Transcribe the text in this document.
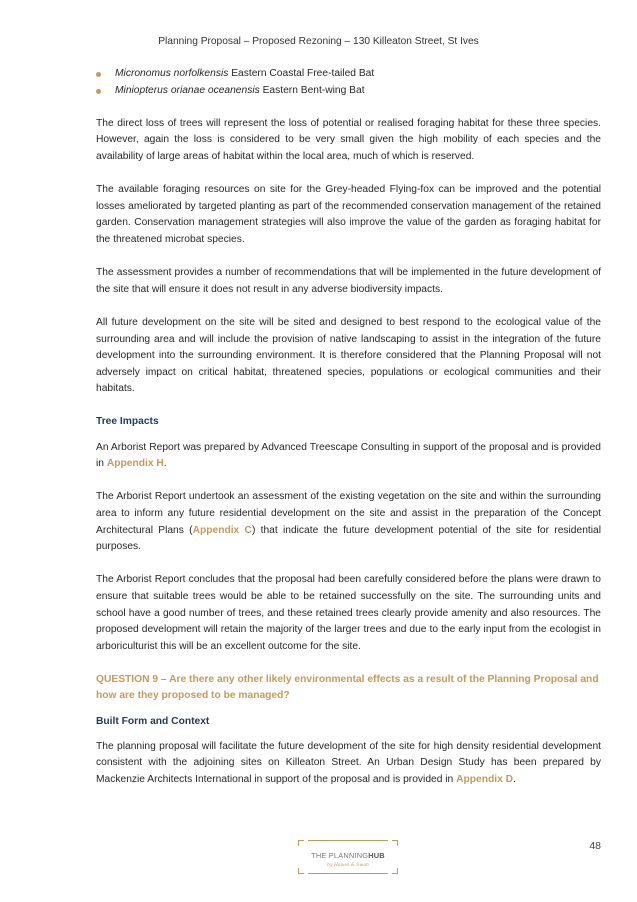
Planning Proposal – Proposed Rezoning – 130 Killeaton Street, St Ives
Micronomus norfolkensis Eastern Coastal Free-tailed Bat
Miniopterus orianae oceanensis Eastern Bent-wing Bat

The direct loss of trees will represent the loss of potential or realised foraging habitat for these three species. However, again the loss is considered to be very small given the high mobility of each species and the availability of large areas of habitat within the local area, much of which is reserved.

The available foraging resources on site for the Grey-headed Flying-fox can be improved and the potential losses ameliorated by targeted planting as part of the recommended conservation management of the retained garden. Conservation management strategies will also improve the value of the garden as foraging habitat for the threatened microbat species.

The assessment provides a number of recommendations that will be implemented in the future development of the site that will ensure it does not result in any adverse biodiversity impacts.

All future development on the site will be sited and designed to best respond to the ecological value of the surrounding area and will include the provision of native landscaping to assist in the integration of the future development into the surrounding environment. It is therefore considered that the Planning Proposal will not adversely impact on critical habitat, threatened species, populations or ecological communities and their habitats.

Tree Impacts

An Arborist Report was prepared by Advanced Treescape Consulting in support of the proposal and is provided in Appendix H.

The Arborist Report undertook an assessment of the existing vegetation on the site and within the surrounding area to inform any future residential development on the site and assist in the preparation of the Concept Architectural Plans (Appendix C) that indicate the future development potential of the site for residential purposes.

The Arborist Report concludes that the proposal had been carefully considered before the plans were drawn to ensure that suitable trees would be able to be retained successfully on the site. The surrounding units and school have a good number of trees, and these retained trees clearly provide amenity and also resources. The proposed development will retain the majority of the larger trees and due to the early input from the ecologist in arboriculturist this will be an excellent outcome for the site.

QUESTION 9 – Are there any other likely environmental effects as a result of the Planning Proposal and how are they proposed to be managed?
Built Form and Context

The planning proposal will facilitate the future development of the site for high density residential development consistent with the adjoining sites on Killeaton Street. An Urban Design Study has been prepared by Mackenzie Architects International in support of the proposal and is provided in Appendix D.

THE PLANNINGHUB
by Hawes & Swan
48
